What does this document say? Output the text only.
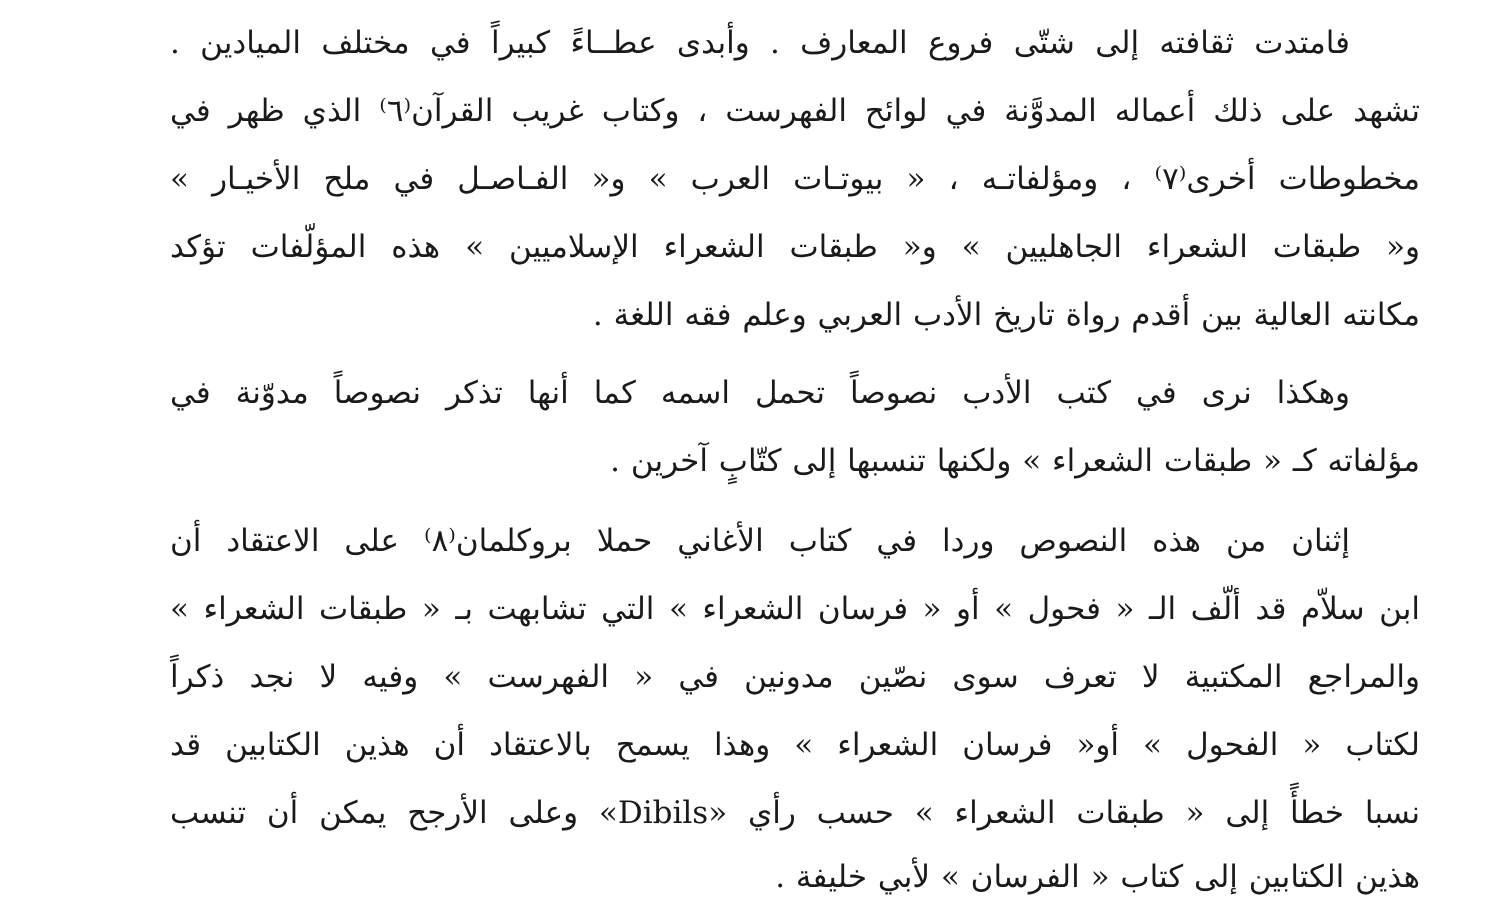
فامتدت ثقافته إلى شتّى فروع المعارف . وأبدى عطــاءً كبيراً في مختلف الميادين .
تشهد على ذلك أعماله المدوَّنة في لوائح الفهرست ، وكتاب غريب القرآن⁽٦⁾ الذي ظهر في
مخطوطات أخرى⁽٧⁾ ، ومؤلفاتـه ، « بيوتـات العرب » و« الفـاصـل في ملح الأخيـار »
و« طبقات الشعراء الجاهليين » و« طبقات الشعراء الإسلاميين » هذه المؤلّفات تؤكد
مكانته العالية بين أقدم رواة تاريخ الأدب العربي وعلم فقه اللغة .
وهكذا نرى في كتب الأدب نصوصاً تحمل اسمه كما أنها تذكر نصوصاً مدوّنة في
مؤلفاته كـ « طبقات الشعراء » ولكنها تنسبها إلى كتّابٍ آخرين .
إثنان من هذه النصوص وردا في كتاب الأغاني حملا بروكلمان⁽٨⁾ على الاعتقاد أن
ابن سلاّم قد ألّف الـ « فحول » أو « فرسان الشعراء » التي تشابهت بـ « طبقات الشعراء »
والمراجع المكتبية لا تعرف سوى نصّين مدونين في « الفهرست » وفيه لا نجد ذكراً
لكتاب « الفحول » أو« فرسان الشعراء » وهذا يسمح بالاعتقاد أن هذين الكتابين قد
نسبا خطأً إلى « طبقات الشعراء » حسب رأي «Dibils» وعلى الأرجح يمكن أن تنسب
هذين الكتابين إلى كتاب « الفرسان » لأبي خليفة .
